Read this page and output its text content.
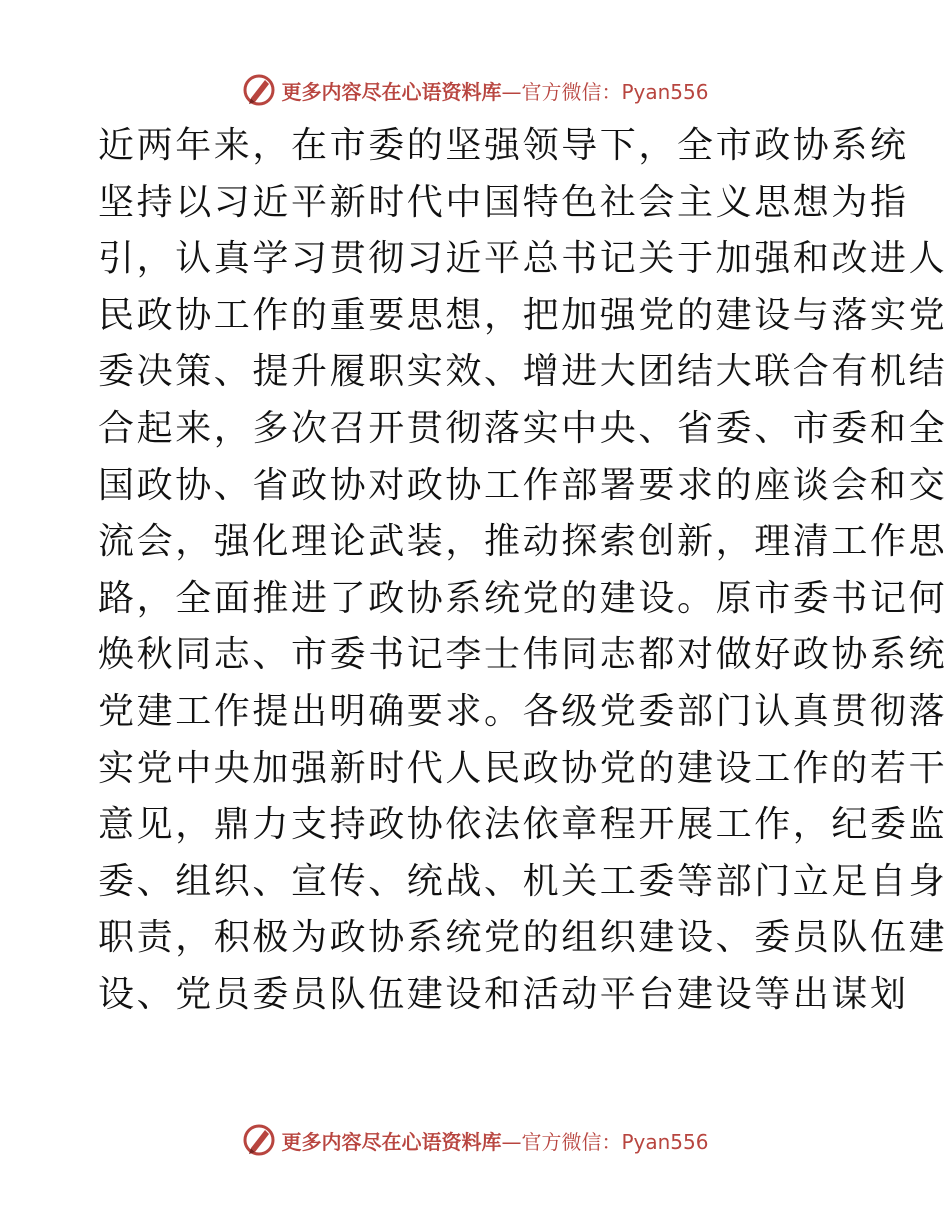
更多内容尽在心语资料库—官方微信：Pyan556
近两年来，在市委的坚强领导下，全市政协系统
坚持以习近平新时代中国特色社会主义思想为指
引，认真学习贯彻习近平总书记关于加强和改进人
民政协工作的重要思想，把加强党的建设与落实党
委决策、提升履职实效、增进大团结大联合有机结
合起来，多次召开贯彻落实中央、省委、市委和全
国政协、省政协对政协工作部署要求的座谈会和交
流会，强化理论武装，推动探索创新，理清工作思
路，全面推进了政协系统党的建设。原市委书记何
焕秋同志、市委书记李士伟同志都对做好政协系统
党建工作提出明确要求。各级党委部门认真贯彻落
实党中央加强新时代人民政协党的建设工作的若干
意见，鼎力支持政协依法依章程开展工作，纪委监
委、组织、宣传、统战、机关工委等部门立足自身
职责，积极为政协系统党的组织建设、委员队伍建
设、党员委员队伍建设和活动平台建设等出谋划
更多内容尽在心语资料库—官方微信：Pyan556
